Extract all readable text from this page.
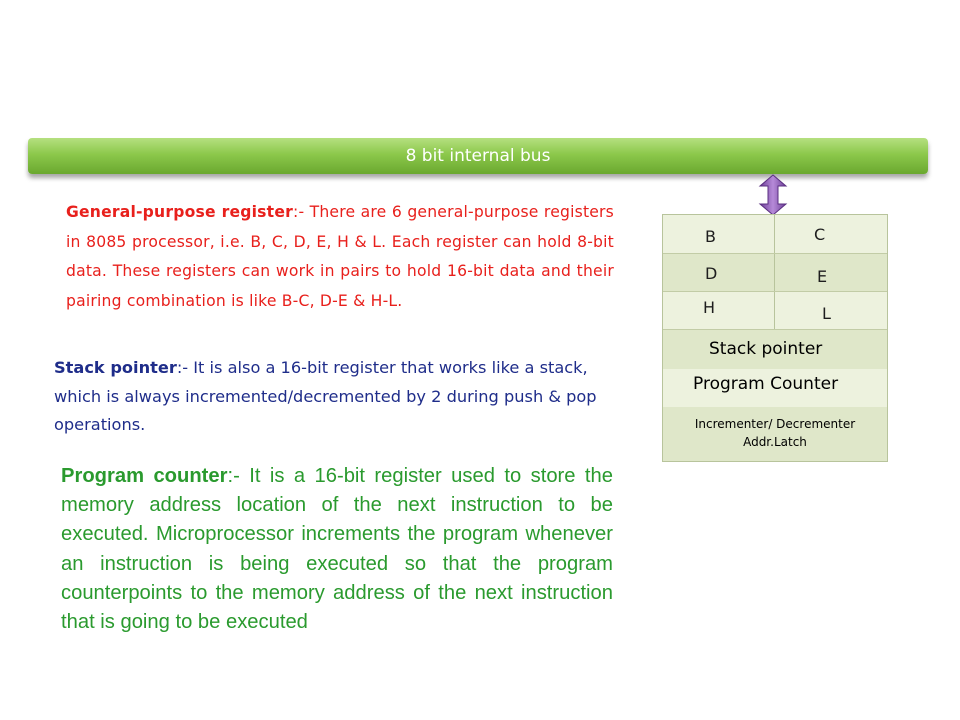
8 bit internal bus

General-purpose register:- There are 6 general-purpose registers in 8085 processor, i.e. B, C, D, E, H & L. Each register can hold 8-bit data. These registers can work in pairs to hold 16-bit data and their pairing combination is like B-C, D-E & H-L.

Stack pointer:- It is also a 16-bit register that works like a stack, which is always incremented/decremented by 2 during push & pop operations.

Program counter:- It is a 16-bit register used to store the memory address location of the next instruction to be executed. Microprocessor increments the program whenever an instruction is being executed so that the program counterpoints to the memory address of the next instruction that is going to be executed

B	C
D	E
H	L
Stack pointer
Program Counter
Incrementer/ Decrementer
Addr.Latch
